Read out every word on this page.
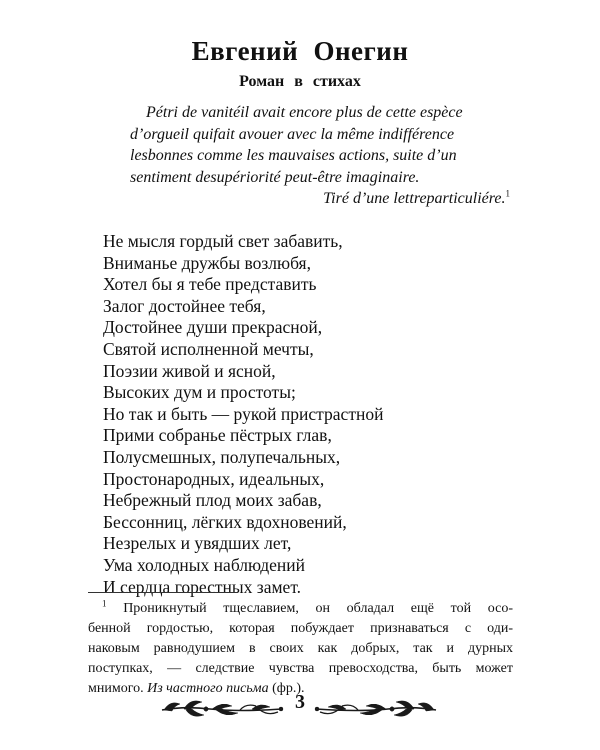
Евгений Онегин
Роман в стихах
Pétri de vanitéil avait encore plus de cette espèce
d’orgueil quifait avouer avec la même indifférence
lesbonnes comme les mauvaises actions, suite d’un
sentiment desupériorité peut-être imaginaire.
Tiré d’une lettreparticuliére.$^1$
Не мысля гордый свет забавить,
Вниманье дружбы возлюбя,
Хотел бы я тебе представить
Залог достойнее тебя,
Достойнее души прекрасной,
Святой исполненной мечты,
Поэзии живой и ясной,
Высоких дум и простоты;
Но так и быть — рукой пристрастной
Прими собранье пёстрых глав,
Полусмешных, полупечальных,
Простонародных, идеальных,
Небрежный плод моих забав,
Бессонниц, лёгких вдохновений,
Незрелых и увядших лет,
Ума холодных наблюдений
И сердца горестных замет.
$^1$ Проникнутый тщеславием, он обладал ещё той осо-
бенной гордостью, которая побуждает признаваться с оди-
наковым равнодушием в своих как добрых, так и дурных
поступках, — следствие чувства превосходства, быть может
мнимого. Из частного письма (фр.).
3
